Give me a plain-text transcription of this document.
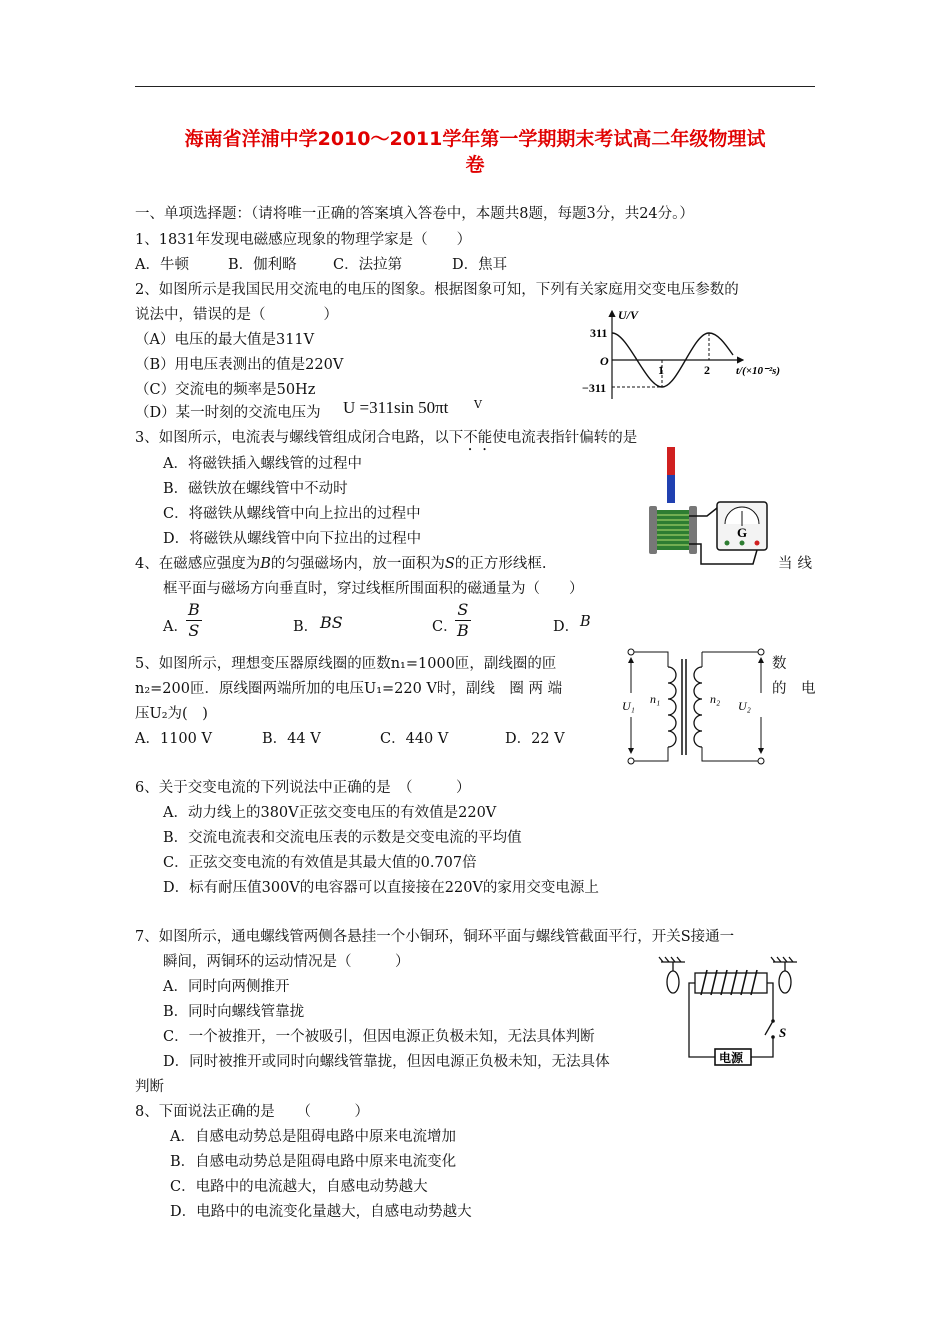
海南省洋浦中学2010～2011学年第一学期期末考试高二年级物理试
卷
一、单项选择题：（请将唯一正确的答案填入答卷中，本题共8题，每题3分，共24分。）
1、1831年发现电磁感应现象的物理学家是（　　）
A．牛顿	B．伽利略	C．法拉第	D．焦耳
2、如图所示是我国民用交流电的电压的图象。根据图象可知，下列有关家庭用交变电压参数的
说法中，错误的是（　　　　）
（A）电压的最大值是311V
（B）用电压表测出的值是220V
（C）交流电的频率是50Hz
（D）某一时刻的交流电压为 U =311sin 50πt V
U/V
311
O
−311
1	2 t/(×10⁻²s)
3、如图所示，电流表与螺线管组成闭合电路，以下不能使电流表指针偏转的是
A．将磁铁插入螺线管的过程中
B．磁铁放在螺线管中不动时
C．将磁铁从螺线管中向上拉出的过程中
D．将磁铁从螺线管中向下拉出的过程中	G
4、在磁感应强度为B的匀强磁场内，放一面积为S的正方形线框.	当线
框平面与磁场方向垂直时，穿过线框所围面积的磁通量为（　　）
A．
$\frac{B}{S}$	B． BS	C．
$\frac{S}{B}$	D． B
5、如图所示，理想变压器原线圈的匝数n₁=1000匝，副线圈的匝	数
n₂=200匝．原线圈两端所加的电压U₁=220 V时，副线　圈 两 端	的　电
压U₂为(　)
A．1100 V	B．44 V	C．440 V	D．22 V
U₁ n₁	n₂ U₂
6、关于交变电流的下列说法中正确的是　（　　　）
A．动力线上的380V正弦交变电压的有效值是220V
B．交流电流表和交流电压表的示数是交变电流的平均值
C．正弦交变电流的有效值是其最大值的0.707倍
D．标有耐压值300V的电容器可以直接接在220V的家用交变电源上
7、如图所示，通电螺线管两侧各悬挂一个小铜环，铜环平面与螺线管截面平行，开关S接通一
瞬间，两铜环的运动情况是（　　　）
A．同时向两侧推开
B．同时向螺线管靠拢
C．一个被推开，一个被吸引，但因电源正负极未知，无法具体判断
D．同时被推开或同时向螺线管靠拢，但因电源正负极未知，无法具体
判断
S
电源
8、下面说法正确的是　　（　　　）
A．自感电动势总是阻碍电路中原来电流增加
B．自感电动势总是阻碍电路中原来电流变化
C．电路中的电流越大，自感电动势越大
D．电路中的电流变化量越大，自感电动势越大
